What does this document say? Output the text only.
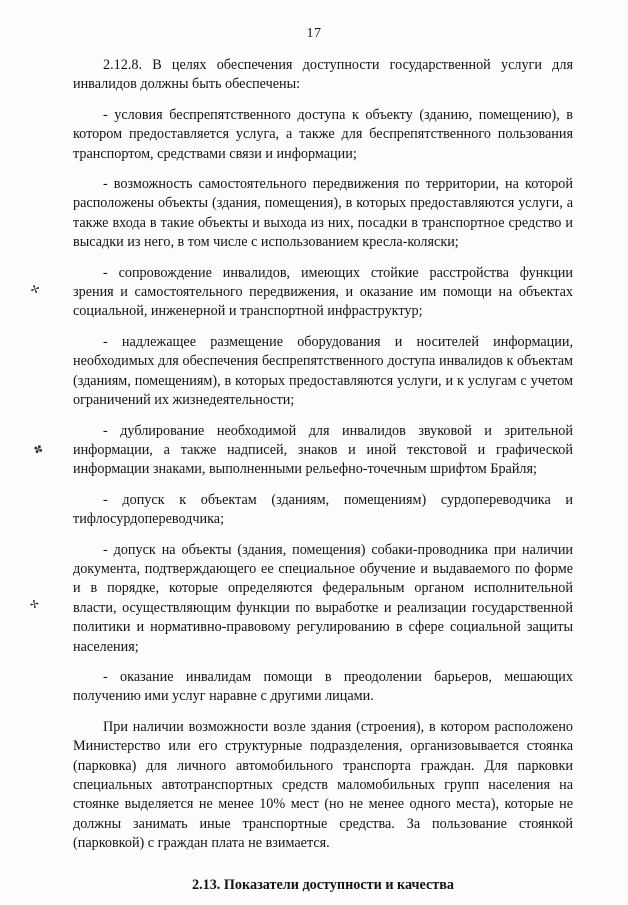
17
✢
✤
✢

2.12.8. В целях обеспечения доступности государственной услуги для инвалидов должны быть обеспечены:

- условия беспрепятственного доступа к объекту (зданию, помещению), в котором предоставляется услуга, а также для беспрепятственного пользования транспортом, средствами связи и информации;

- возможность самостоятельного передвижения по территории, на которой расположены объекты (здания, помещения), в которых предоставляются услуги, а также входа в такие объекты и выхода из них, посадки в транспортное средство и высадки из него, в том числе с использованием кресла-коляски;

- сопровождение инвалидов, имеющих стойкие расстройства функции зрения и самостоятельного передвижения, и оказание им помощи на объектах социальной, инженерной и транспортной инфраструктур;

- надлежащее размещение оборудования и носителей информации, необходимых для обеспечения беспрепятственного доступа инвалидов к объектам (зданиям, помещениям), в которых предоставляются услуги, и к услугам с учетом ограничений их жизнедеятельности;

- дублирование необходимой для инвалидов звуковой и зрительной информации, а также надписей, знаков и иной текстовой и графической информации знаками, выполненными рельефно-точечным шрифтом Брайля;

- допуск к объектам (зданиям, помещениям) сурдопереводчика и тифлосурдопереводчика;

- допуск на объекты (здания, помещения) собаки-проводника при наличии документа, подтверждающего ее специальное обучение и выдаваемого по форме и в порядке, которые определяются федеральным органом исполнительной власти, осуществляющим функции по выработке и реализации государственной политики и нормативно-правовому регулированию в сфере социальной защиты населения;

- оказание инвалидам помощи в преодолении барьеров, мешающих получению ими услуг наравне с другими лицами.

При наличии возможности возле здания (строения), в котором расположено Министерство или его структурные подразделения, организовывается стоянка (парковка) для личного автомобильного транспорта граждан. Для парковки специальных автотранспортных средств маломобильных групп населения на стоянке выделяется не менее 10% мест (но не менее одного места), которые не должны занимать иные транспортные средства. За пользование стоянкой (парковкой) с граждан плата не взимается.

2.13. Показатели доступности и качества
